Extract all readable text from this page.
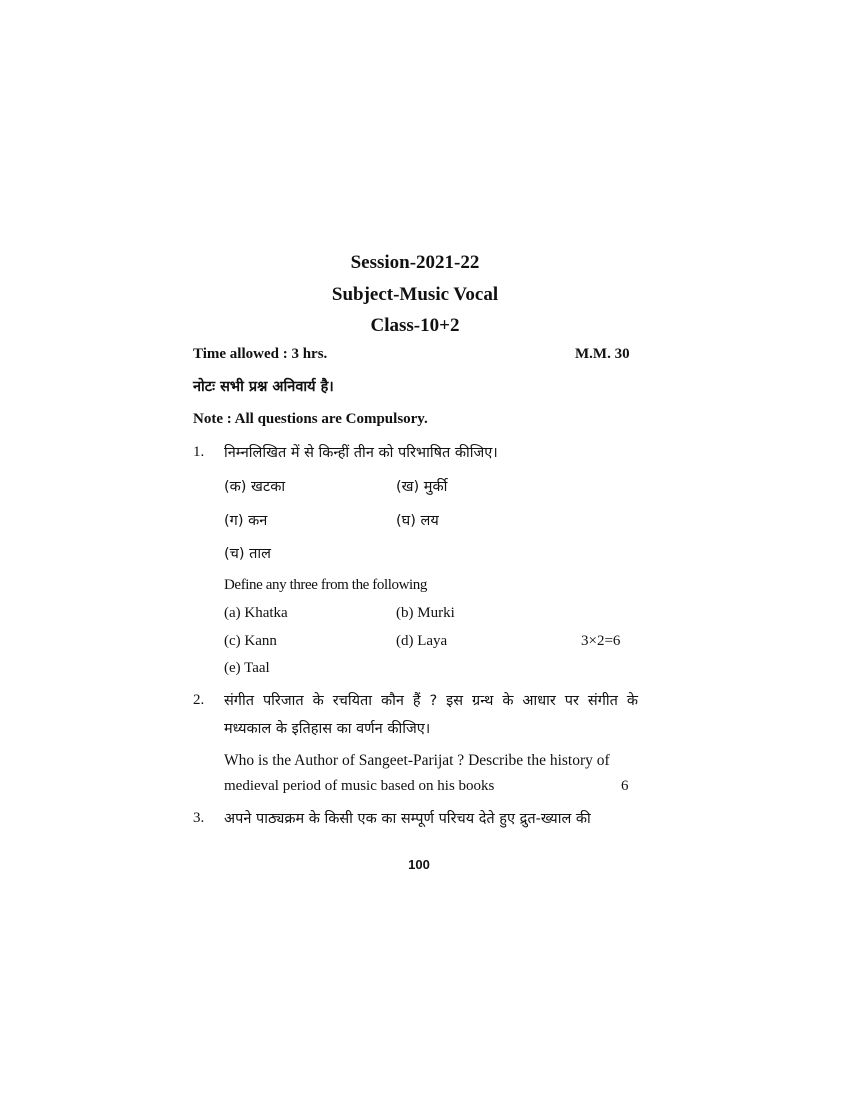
Session-2021-22
Subject-Music Vocal
Class-10+2
Time allowed : 3 hrs.	M.M. 30
नोटः सभी प्रश्न अनिवार्य है।
Note : All questions are Compulsory.
1. निम्नलिखित में से किन्हीं तीन को परिभाषित कीजिए।
(क) खटका	(ख) मुर्की
(ग) कन	(घ) लय
(च) ताल
Define any three from the following
(a) Khatka	(b) Murki
(c) Kann	(d) Laya	3×2=6
(e) Taal
2. संगीत परिजात के रचयिता कौन हैं ? इस ग्रन्थ के आधार पर संगीत के
मध्यकाल के इतिहास का वर्णन कीजिए।
Who is the Author of Sangeet-Parijat ? Describe the history of
medieval period of music based on his books	6
3. अपने पाठ्यक्रम के किसी एक का सम्पूर्ण परिचय देते हुए द्रुत-ख्याल की
100
